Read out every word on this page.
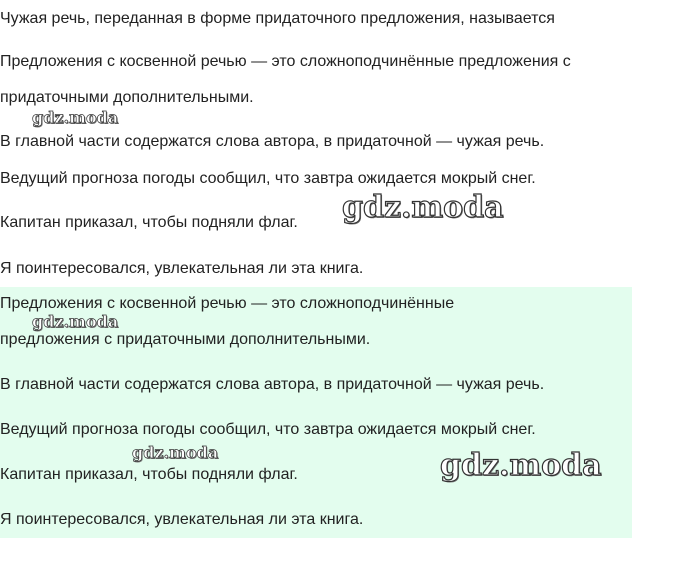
Чужая речь, переданная в форме придаточного предложения, называется

Предложения с косвенной речью — это сложноподчинённые предложения с

придаточными дополнительными.

В главной части содержатся слова автора, в придаточной — чужая речь.

Ведущий прогноза погоды сообщил, что завтра ожидается мокрый снег.

Капитан приказал, чтобы подняли флаг.

Я поинтересовался, увлекательная ли эта книга.

Предложения с косвенной речью — это сложноподчинённые

предложения с придаточными дополнительными.

В главной части содержатся слова автора, в придаточной — чужая речь.

Ведущий прогноза погоды сообщил, что завтра ожидается мокрый снег.

Капитан приказал, чтобы подняли флаг.

Я поинтересовался, увлекательная ли эта книга.

gdz.moda
gdz.moda
gdz.moda
gdz.moda	gdz.moda
